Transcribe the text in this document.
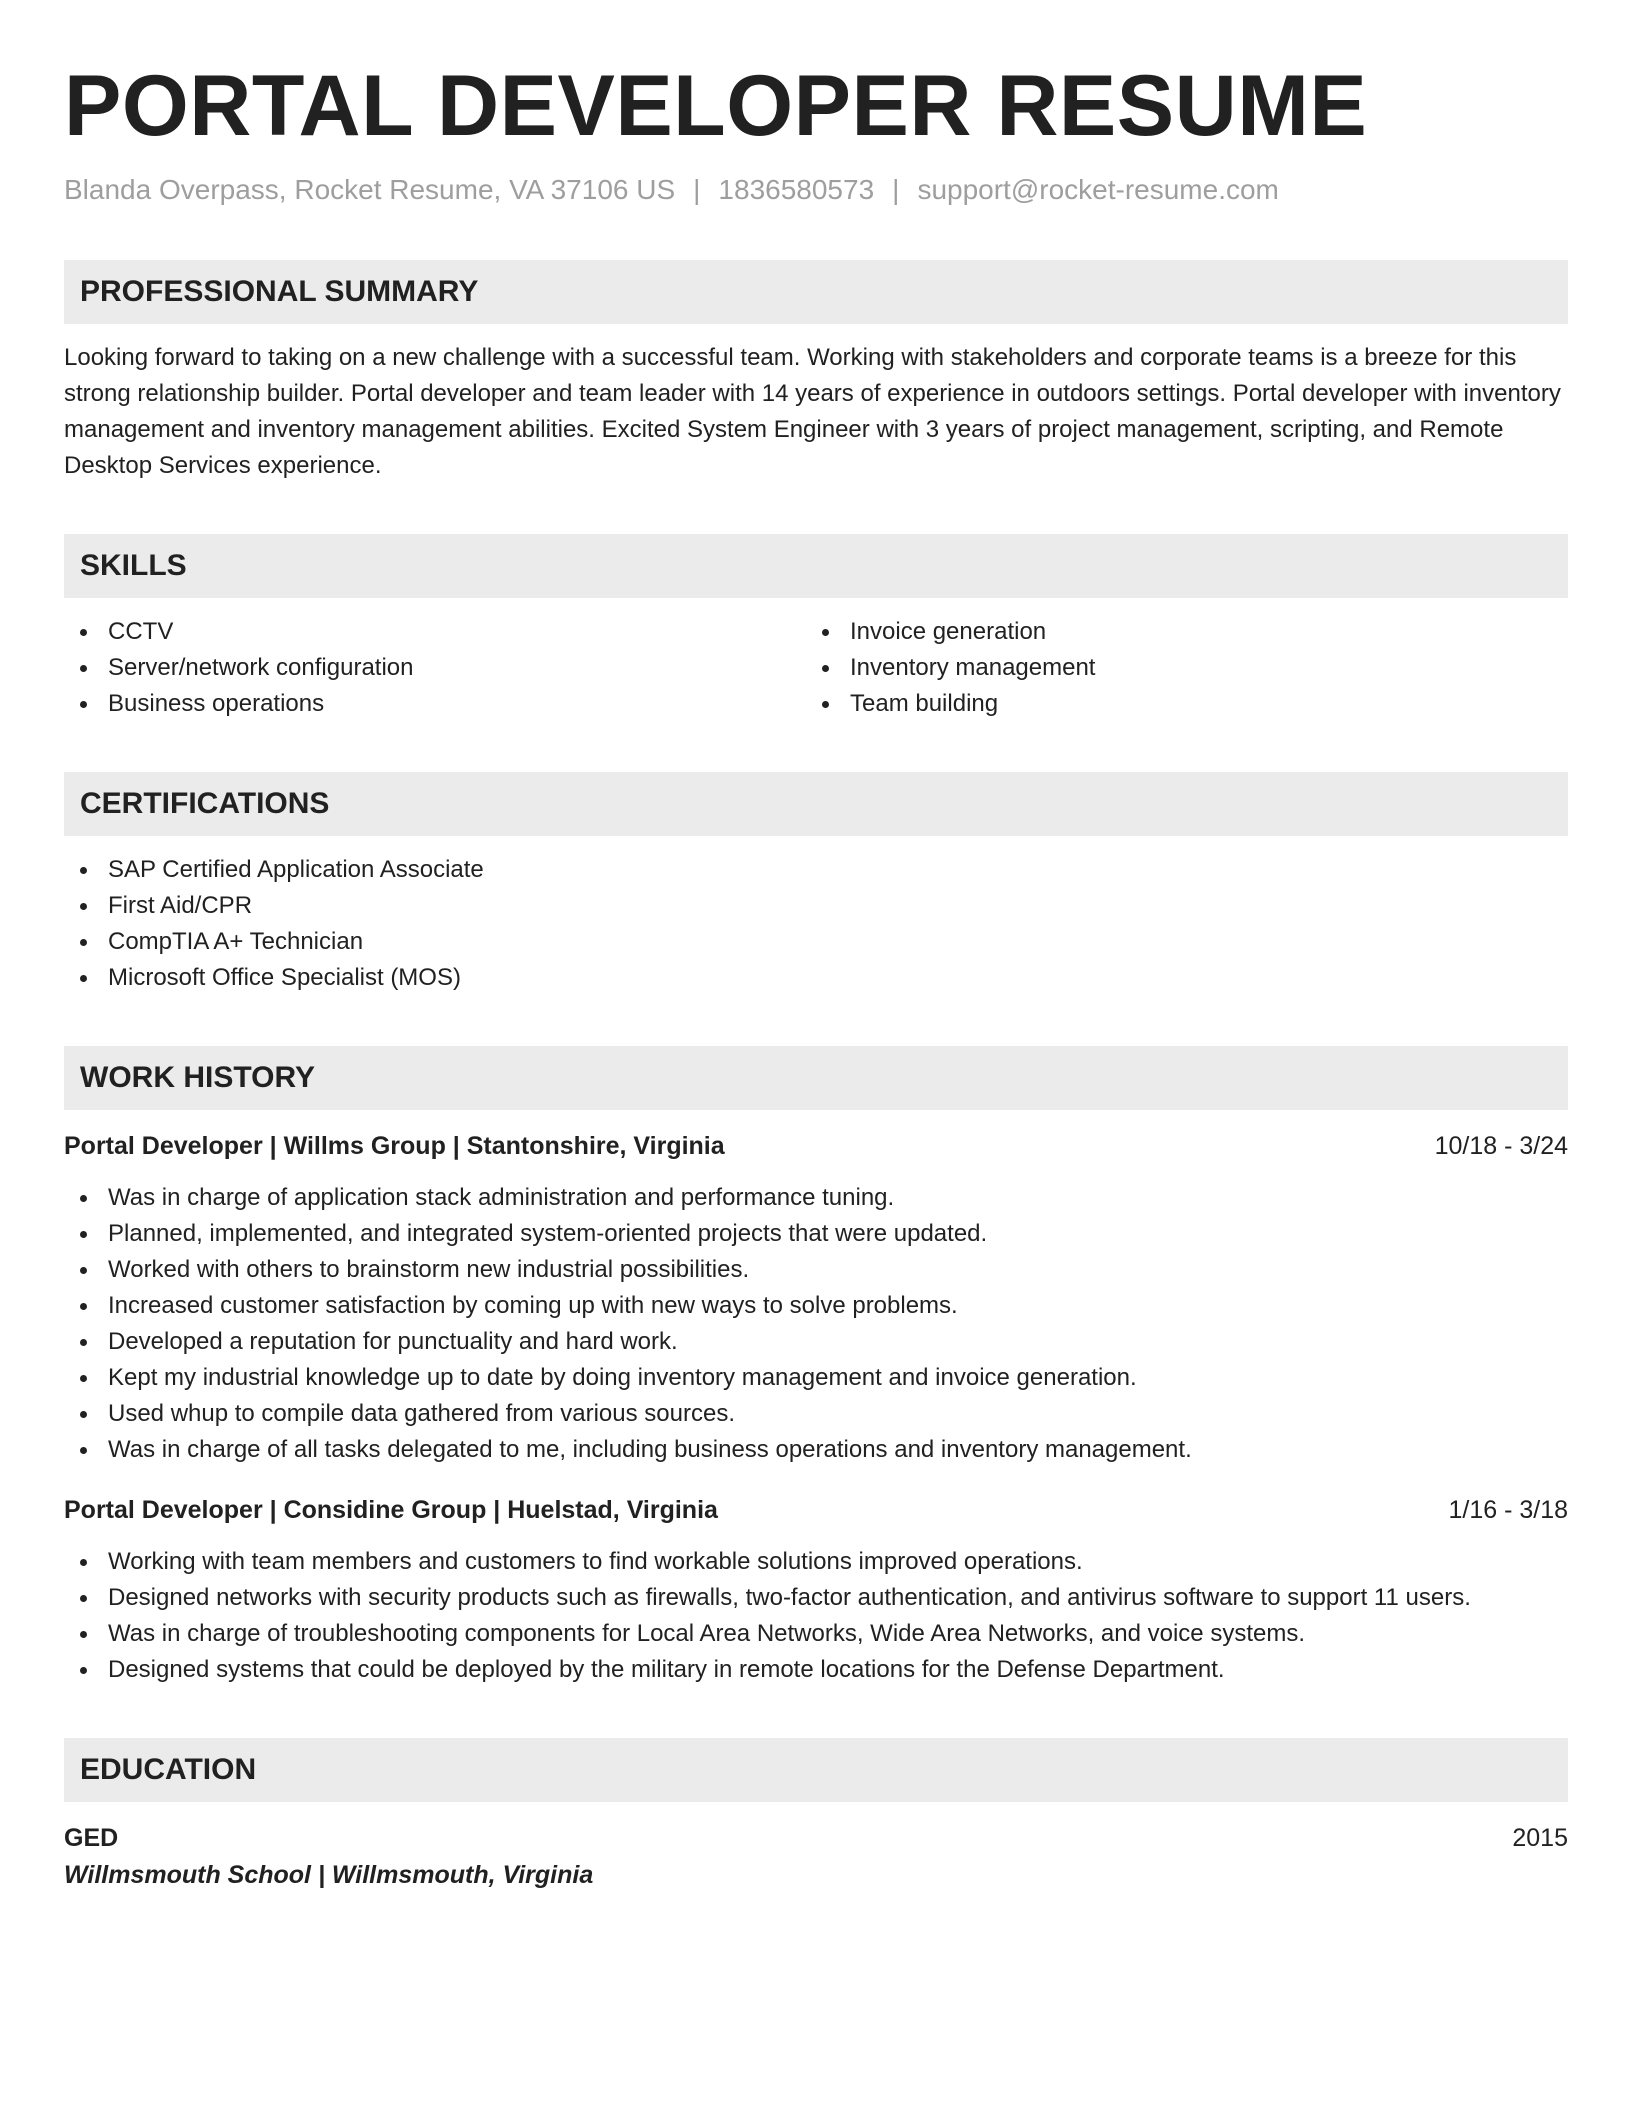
PORTAL DEVELOPER RESUME
Blanda Overpass, Rocket Resume, VA 37106 US | 1836580573 | support@rocket-resume.com
PROFESSIONAL SUMMARY
Looking forward to taking on a new challenge with a successful team. Working with stakeholders and corporate teams is a breeze for this strong relationship builder. Portal developer and team leader with 14 years of experience in outdoors settings. Portal developer with inventory management and inventory management abilities. Excited System Engineer with 3 years of project management, scripting, and Remote Desktop Services experience.
SKILLS
CCTV
Server/network configuration
Business operations
Invoice generation
Inventory management
Team building
CERTIFICATIONS
SAP Certified Application Associate
First Aid/CPR
CompTIA A+ Technician
Microsoft Office Specialist (MOS)
WORK HISTORY
Portal Developer | Willms Group | Stantonshire, Virginia	10/18 - 3/24
Was in charge of application stack administration and performance tuning.
Planned, implemented, and integrated system-oriented projects that were updated.
Worked with others to brainstorm new industrial possibilities.
Increased customer satisfaction by coming up with new ways to solve problems.
Developed a reputation for punctuality and hard work.
Kept my industrial knowledge up to date by doing inventory management and invoice generation.
Used whup to compile data gathered from various sources.
Was in charge of all tasks delegated to me, including business operations and inventory management.
Portal Developer | Considine Group | Huelstad, Virginia	1/16 - 3/18
Working with team members and customers to find workable solutions improved operations.
Designed networks with security products such as firewalls, two-factor authentication, and antivirus software to support 11 users.
Was in charge of troubleshooting components for Local Area Networks, Wide Area Networks, and voice systems.
Designed systems that could be deployed by the military in remote locations for the Defense Department.
EDUCATION
GED	2015
Willmsmouth School | Willmsmouth, Virginia
